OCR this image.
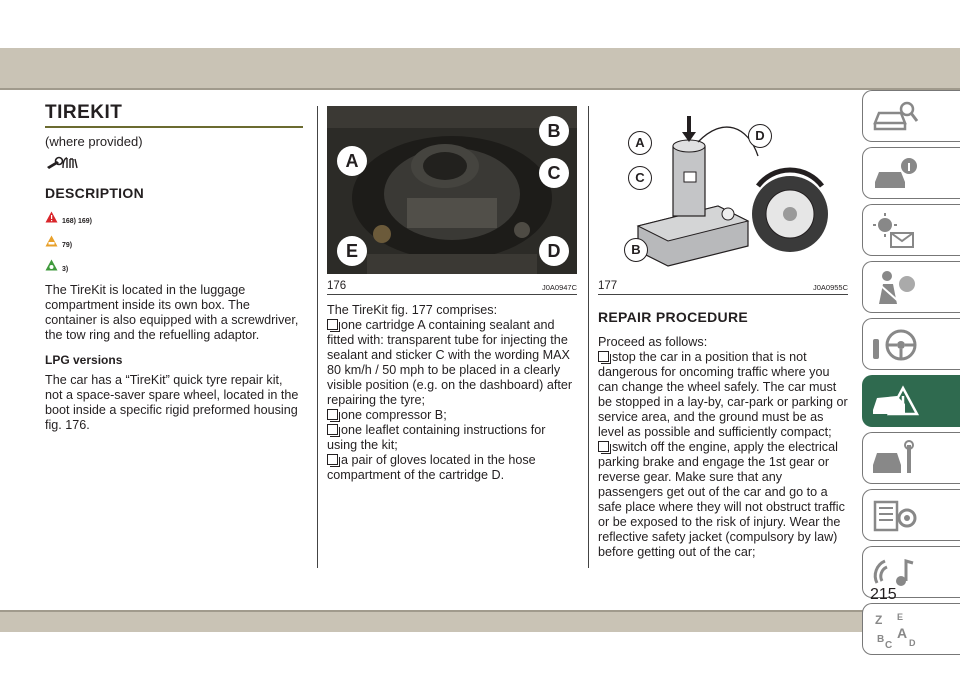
TIREKIT
(where provided)
DESCRIPTION
168) 169)
79)
3)
The TireKit is located in the luggage compartment inside its own box. The container is also equipped with a screwdriver, the tow ring and the refuelling adaptor.
LPG versions
The car has a “TireKit” quick tyre repair kit, not a space-saver spare wheel, located in the boot inside a specific rigid preformed housing fig. 176.
A
B
C
D
E
176	J0A0947C
The TireKit fig. 177 comprises:
one cartridge A containing sealant and fitted with: transparent tube for injecting the sealant and sticker C with the wording MAX 80 km/h / 50 mph to be placed in a clearly visible position (e.g. on the dashboard) after repairing the tyre;
one compressor B;
one leaflet containing instructions for using the kit;
a pair of gloves located in the hose compartment of the cartridge D.
A
C
D
B
177	J0A0955C
REPAIR PROCEDURE
Proceed as follows:
stop the car in a position that is not dangerous for oncoming traffic where you can change the wheel safely. The car must be stopped in a lay-by, car-park or parking or service area, and the ground must be as level as possible and sufficiently compact;
switch off the engine, apply the electrical parking brake and engage the 1st gear or reverse gear. Make sure that any passengers get out of the car and go to a safe place where they will not obstruct traffic or be exposed to the risk of injury. Wear the reflective safety jacket (compulsory by law) before getting out of the car;
Z E
A
B
C D
215
